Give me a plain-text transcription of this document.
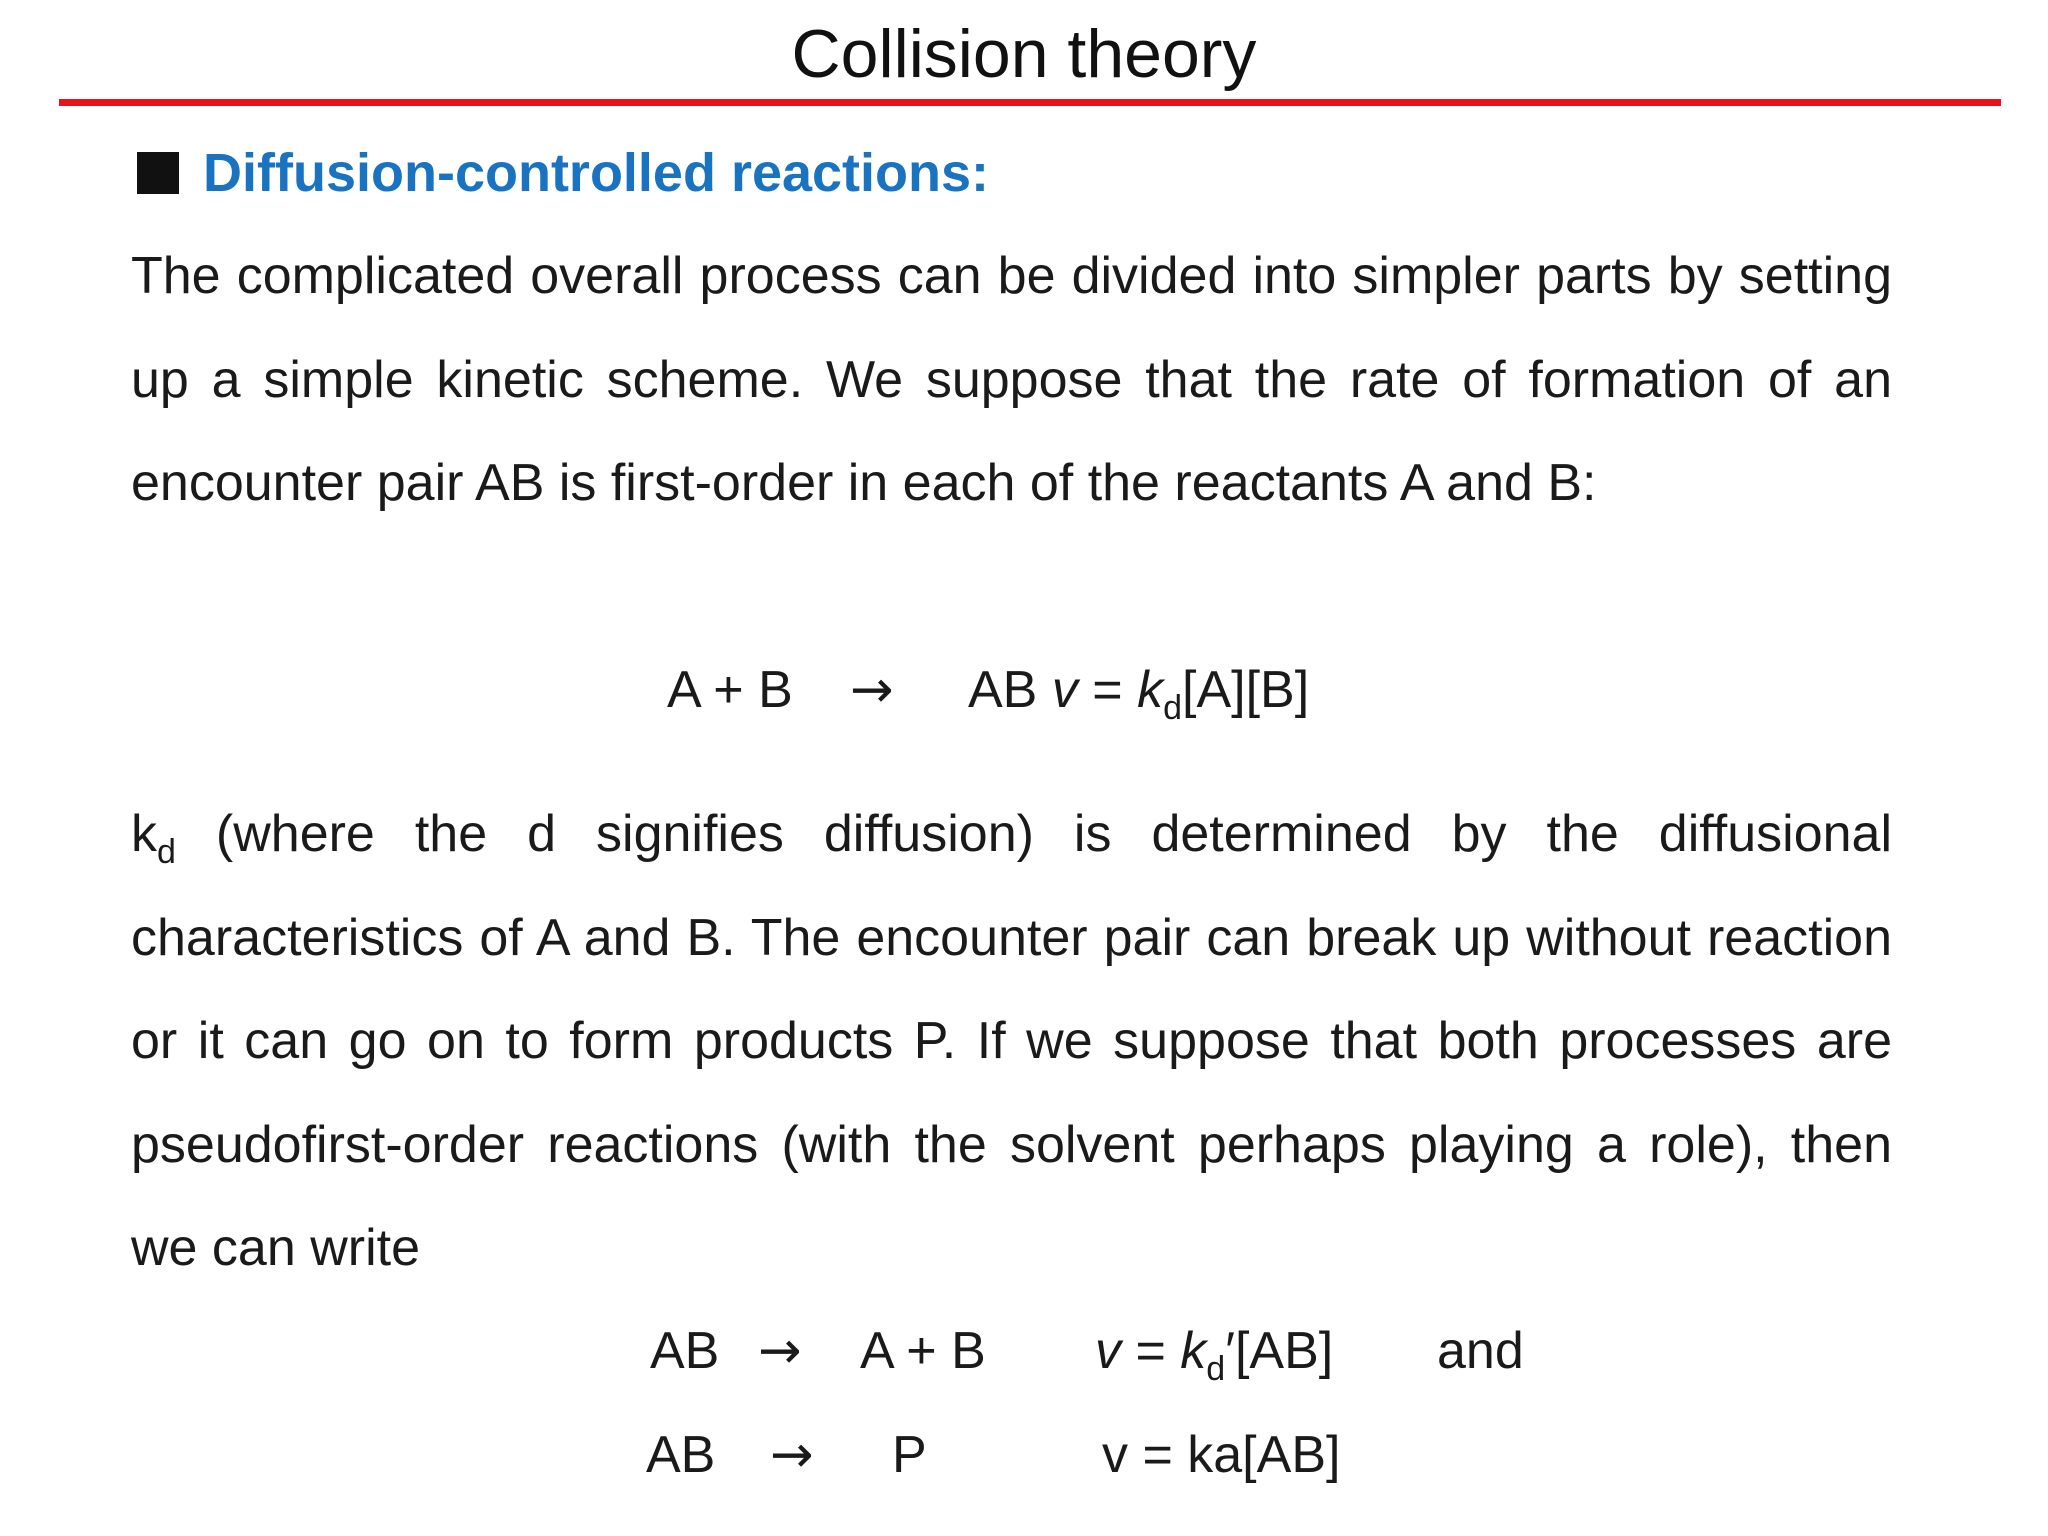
Collision theory
Diffusion-controlled reactions:
The complicated overall process can be divided into simpler parts by setting up a simple kinetic scheme. We suppose that the rate of formation of an encounter pair AB is first-order in each of the reactants A and B:
A + B → AB $v = k_d[A][B]$
$k_d$ (where the d signifies diffusion) is determined by the diffusional characteristics of A and B. The encounter pair can break up without reaction or it can go on to form products P. If we suppose that both processes are pseudofirst-order reactions (with the solvent perhaps playing a role), then we can write
AB → A + B $v = k_d'[AB]$ and
AB → P	v = ka[AB]
